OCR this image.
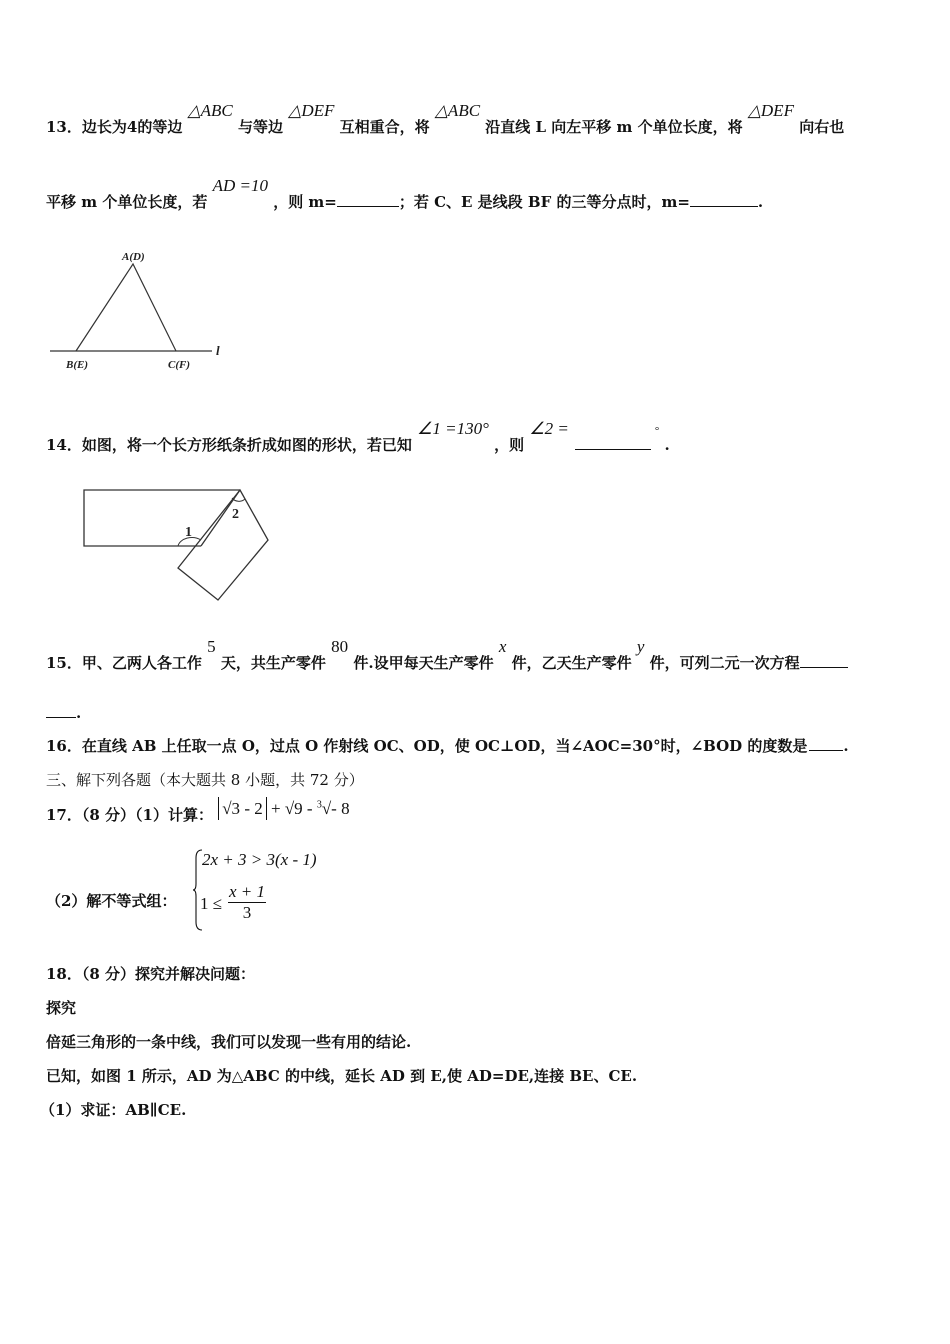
13．边长为4的等边 △ABC 与等边 △DEF 互相重合，将 △ABC 沿直线 L 向左平移 m 个单位长度，将 △DEF 向右也
平移 m 个单位长度，若 AD =10 ，则 m=	；若 C、E 是线段 BF 的三等分点时，m=	.
A(D)
B(E)	C(F)
l
14．如图，将一个长方形纸条折成如图的形状，若已知 ∠1 =130° ，则 ∠2 =	° .
1
2
15．甲、乙两人各工作 5 天，共生产零件 80 件.设甲每天生产零件 x 件，乙天生产零件 y 件，可列二元一次方程
.
16．在直线 AB 上任取一点 O，过点 O 作射线 OC、OD，使 OC⊥OD，当∠AOC=30°时，∠BOD 的度数是 .
三、解下列各题（本大题共 8 小题，共 72 分）
17．（8 分）（1）计算： √3 - 2 + √9 - $^3$√- 8
（2）解不等式组：
2x + 3 > 3(x - 1)
$1 \le \frac{x + 1}{3}$
18．（8 分）探究并解决问题：
探究
倍延三角形的一条中线，我们可以发现一些有用的结论.
已知，如图 1 所示，AD 为△ABC 的中线，延长 AD 到 E,使 AD=DE,连接 BE、CE.
（1）求证：AB∥CE.
